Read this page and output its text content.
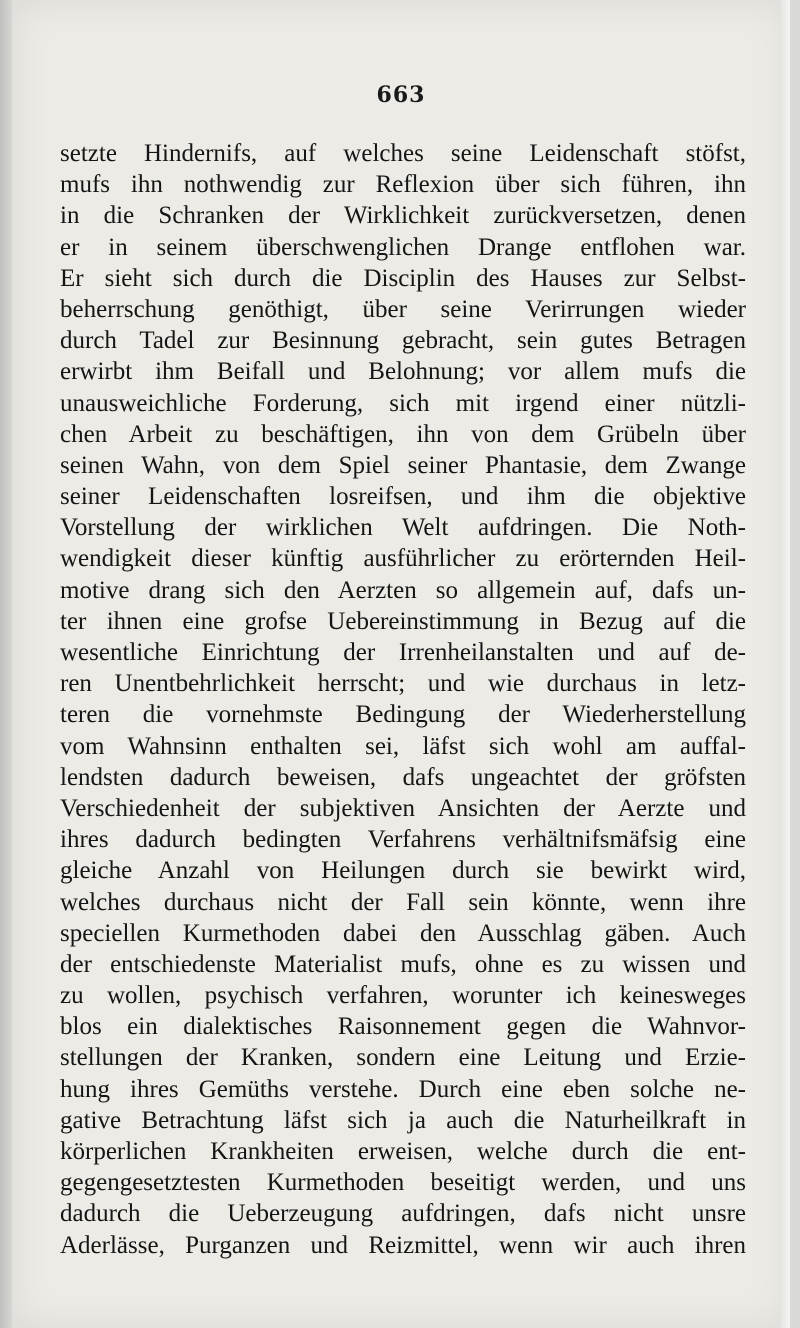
663
setzte Hindernifs, auf welches seine Leidenschaft stöfst,
mufs ihn nothwendig zur Reflexion über sich führen, ihn
in die Schranken der Wirklichkeit zurückversetzen, denen
er in seinem überschwenglichen Drange entflohen war.
Er sieht sich durch die Disciplin des Hauses zur Selbst-
beherrschung genöthigt, über seine Verirrungen wieder
durch Tadel zur Besinnung gebracht, sein gutes Betragen
erwirbt ihm Beifall und Belohnung; vor allem mufs die
unausweichliche Forderung, sich mit irgend einer nützli-
chen Arbeit zu beschäftigen, ihn von dem Grübeln über
seinen Wahn, von dem Spiel seiner Phantasie, dem Zwange
seiner Leidenschaften losreifsen, und ihm die objektive
Vorstellung der wirklichen Welt aufdringen. Die Noth-
wendigkeit dieser künftig ausführlicher zu erörternden Heil-
motive drang sich den Aerzten so allgemein auf, dafs un-
ter ihnen eine grofse Uebereinstimmung in Bezug auf die
wesentliche Einrichtung der Irrenheilanstalten und auf de-
ren Unentbehrlichkeit herrscht; und wie durchaus in letz-
teren die vornehmste Bedingung der Wiederherstellung
vom Wahnsinn enthalten sei, läfst sich wohl am auffal-
lendsten dadurch beweisen, dafs ungeachtet der gröfsten
Verschiedenheit der subjektiven Ansichten der Aerzte und
ihres dadurch bedingten Verfahrens verhältnifsmäfsig eine
gleiche Anzahl von Heilungen durch sie bewirkt wird,
welches durchaus nicht der Fall sein könnte, wenn ihre
speciellen Kurmethoden dabei den Ausschlag gäben. Auch
der entschiedenste Materialist mufs, ohne es zu wissen und
zu wollen, psychisch verfahren, worunter ich keinesweges
blos ein dialektisches Raisonnement gegen die Wahnvor-
stellungen der Kranken, sondern eine Leitung und Erzie-
hung ihres Gemüths verstehe. Durch eine eben solche ne-
gative Betrachtung läfst sich ja auch die Naturheilkraft in
körperlichen Krankheiten erweisen, welche durch die ent-
gegengesetztesten Kurmethoden beseitigt werden, und uns
dadurch die Ueberzeugung aufdringen, dafs nicht unsre
Aderlässe, Purganzen und Reizmittel, wenn wir auch ihren
